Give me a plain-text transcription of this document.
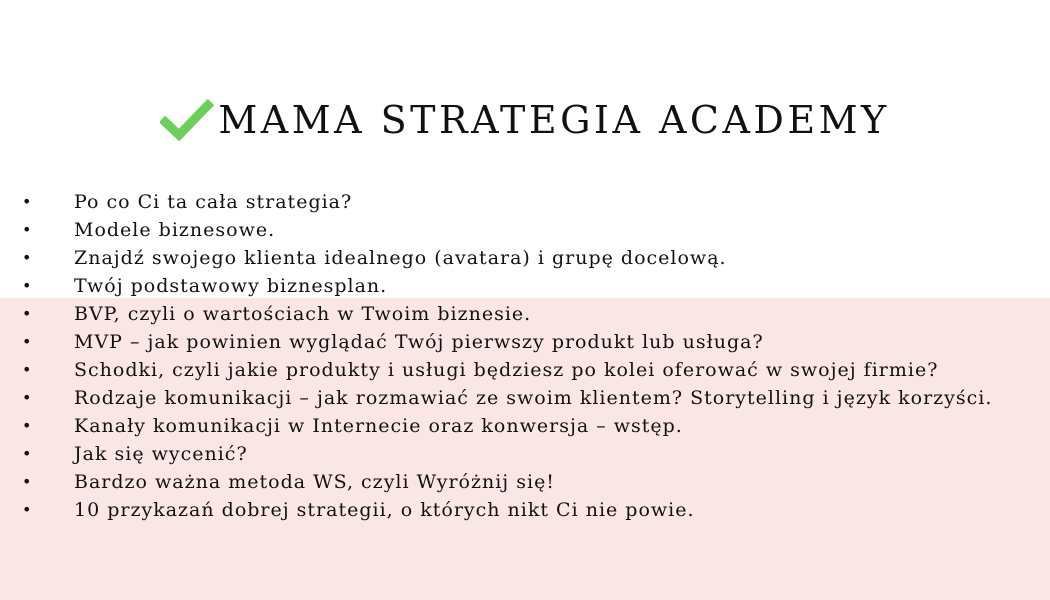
MAMA STRATEGIA ACADEMY
• Po co Ci ta cała strategia?
• Modele biznesowe.
• Znajdź swojego klienta idealnego (avatara) i grupę docelową.
• Twój podstawowy biznesplan.
• BVP, czyli o wartościach w Twoim biznesie.
• MVP – jak powinien wyglądać Twój pierwszy produkt lub usługa?
• Schodki, czyli jakie produkty i usługi będziesz po kolei oferować w swojej firmie?
• Rodzaje komunikacji – jak rozmawiać ze swoim klientem? Storytelling i język korzyści.
• Kanały komunikacji w Internecie oraz konwersja – wstęp.
• Jak się wycenić?
• Bardzo ważna metoda WS, czyli Wyróżnij się!
• 10 przykazań dobrej strategii, o których nikt Ci nie powie.
